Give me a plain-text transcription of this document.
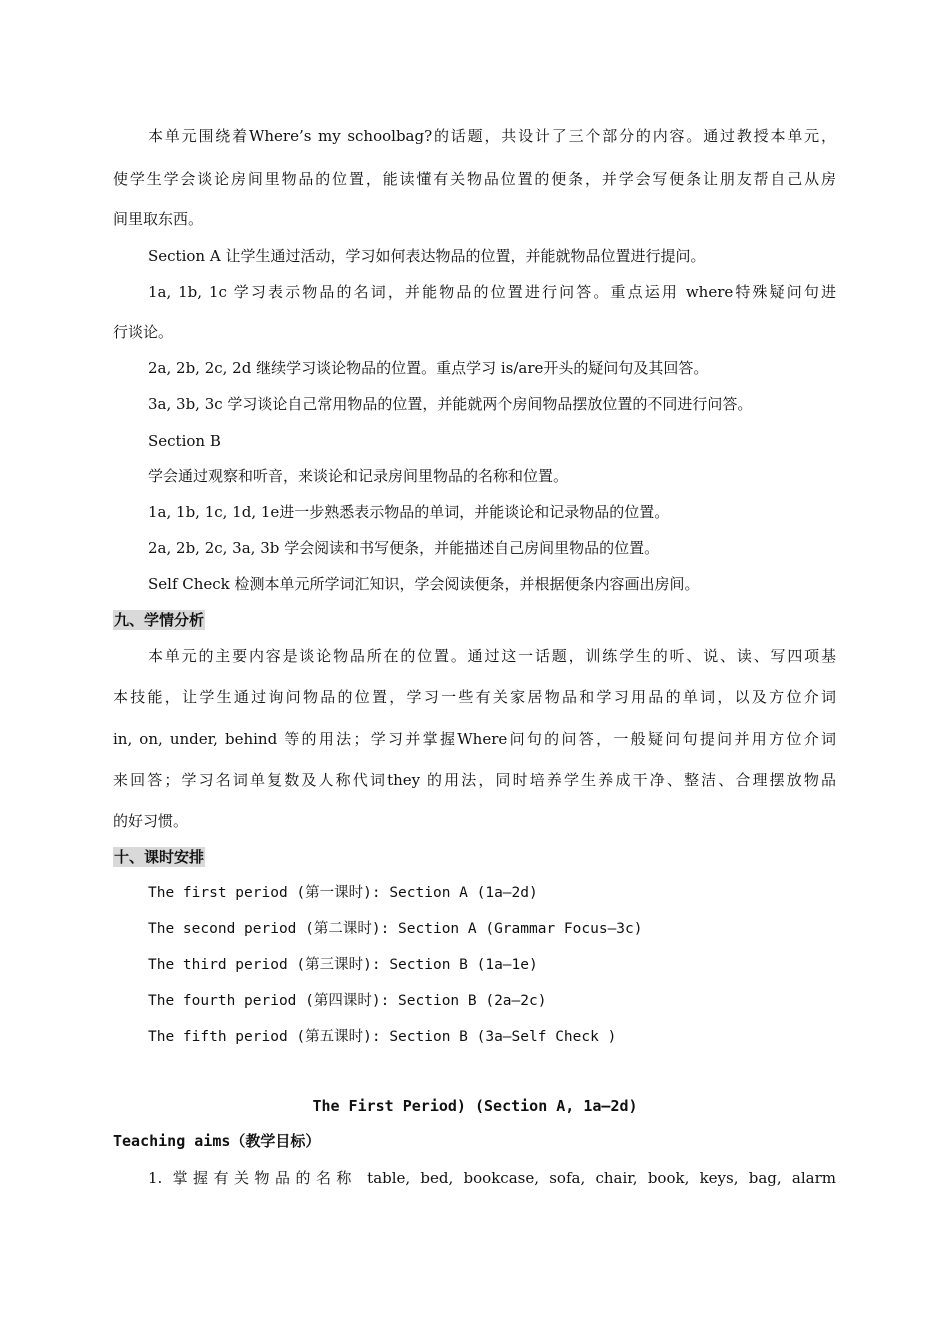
本单元围绕着Where’s my schoolbag?的话题，共设计了三个部分的内容。通过教授本单元，
使学生学会谈论房间里物品的位置，能读懂有关物品位置的便条，并学会写便条让朋友帮自己从房
间里取东西。
Section A 让学生通过活动，学习如何表达物品的位置，并能就物品位置进行提问。
1a, 1b, 1c 学习表示物品的名词，并能物品的位置进行问答。重点运用 where特殊疑问句进
行谈论。
2a, 2b, 2c, 2d 继续学习谈论物品的位置。重点学习 is/are开头的疑问句及其回答。
3a, 3b, 3c 学习谈论自己常用物品的位置，并能就两个房间物品摆放位置的不同进行问答。
Section B
学会通过观察和听音，来谈论和记录房间里物品的名称和位置。
1a, 1b, 1c, 1d, 1e进一步熟悉表示物品的单词，并能谈论和记录物品的位置。
2a, 2b, 2c, 3a, 3b 学会阅读和书写便条，并能描述自己房间里物品的位置。
Self Check 检测本单元所学词汇知识，学会阅读便条，并根据便条内容画出房间。
九、学情分析
本单元的主要内容是谈论物品所在的位置。通过这一话题，训练学生的听、说、读、写四项基
本技能，让学生通过询问物品的位置，学习一些有关家居物品和学习用品的单词，以及方位介词
in, on, under, behind 等的用法；学习并掌握Where问句的问答，一般疑问句提问并用方位介词
来回答；学习名词单复数及人称代词they 的用法，同时培养学生养成干净、整洁、合理摆放物品
的好习惯。
十、课时安排
The first period (第一课时): Section A (1a–2d)
The second period (第二课时): Section A (Grammar Focus–3c)
The third period (第三课时): Section B (1a–1e)
The fourth period (第四课时): Section B (2a–2c)
The fifth period (第五课时): Section B (3a–Self Check )
The First Period) (Section A, 1a–2d)
Teaching aims（教学目标）
1. 掌握有关物品的名称 table, bed, bookcase, sofa, chair, book, keys, bag, alarm
